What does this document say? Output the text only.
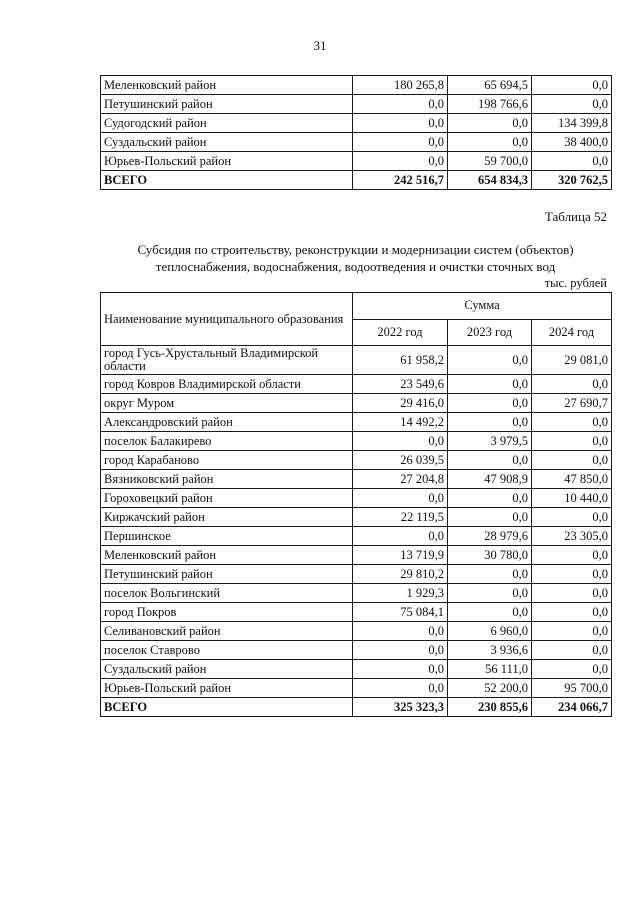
31
Меленковский район	180 265,8	65 694,5	0,0
Петушинский район	0,0	198 766,6	0,0
Судогодский район	0,0	0,0	134 399,8
Суздальский район	0,0	0,0	38 400,0
Юрьев-Польский район	0,0	59 700,0	0,0
ВСЕГО	242 516,7	654 834,3	320 762,5
Таблица 52
Субсидия по строительству, реконструкции и модернизации систем (объектов)
теплоснабжения, водоснабжения, водоотведения и очистки сточных вод
тыс. рублей
Наименование муниципального образования	Сумма		
	2022 год	2023 год	2024 год
город Гусь-Хрустальный Владимирской области	61 958,2	0,0	29 081,0
город Ковров Владимирской области	23 549,6	0,0	0,0
округ Муром	29 416,0	0,0	27 690,7
Александровский район	14 492,2	0,0	0,0
поселок Балакирево	0,0	3 979,5	0,0
город Карабаново	26 039,5	0,0	0,0
Вязниковский район	27 204,8	47 908,9	47 850,0
Гороховецкий район	0,0	0,0	10 440,0
Киржачский район	22 119,5	0,0	0,0
Першинское	0,0	28 979,6	23 305,0
Меленковский район	13 719,9	30 780,0	0,0
Петушинский район	29 810,2	0,0	0,0
поселок Вольгинский	1 929,3	0,0	0,0
город Покров	75 084,1	0,0	0,0
Селивановский район	0,0	6 960,0	0,0
поселок Ставрово	0,0	3 936,6	0,0
Суздальский район	0,0	56 111,0	0,0
Юрьев-Польский район	0,0	52 200,0	95 700,0
ВСЕГО	325 323,3	230 855,6	234 066,7
